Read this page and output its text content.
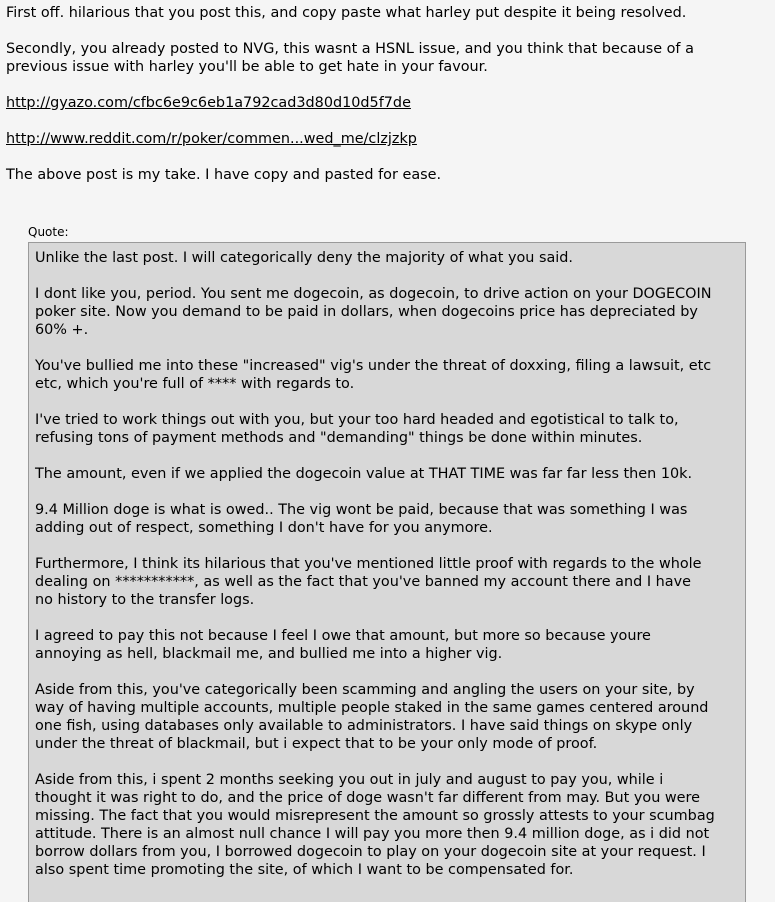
First off. hilarious that you post this, and copy paste what harley put despite it being resolved.

Secondly, you already posted to NVG, this wasnt a HSNL issue, and you think that because of a
previous issue with harley you'll be able to get hate in your favour.

http://gyazo.com/cfbc6e9c6eb1a792cad3d80d10d5f7de

http://www.reddit.com/r/poker/commen...wed_me/clzjzkp

The above post is my take. I have copy and pasted for ease.

Quote:

Unlike the last post. I will categorically deny the majority of what you said.

I dont like you, period. You sent me dogecoin, as dogecoin, to drive action on your DOGECOIN
poker site. Now you demand to be paid in dollars, when dogecoins price has depreciated by
60% +.

You've bullied me into these "increased" vig's under the threat of doxxing, filing a lawsuit, etc
etc, which you're full of **** with regards to.

I've tried to work things out with you, but your too hard headed and egotistical to talk to,
refusing tons of payment methods and "demanding" things be done within minutes.

The amount, even if we applied the dogecoin value at THAT TIME was far far less then 10k.

9.4 Million doge is what is owed.. The vig wont be paid, because that was something I was
adding out of respect, something I don't have for you anymore.

Furthermore, I think its hilarious that you've mentioned little proof with regards to the whole
dealing on ***********, as well as the fact that you've banned my account there and I have
no history to the transfer logs.

I agreed to pay this not because I feel I owe that amount, but more so because youre
annoying as hell, blackmail me, and bullied me into a higher vig.

Aside from this, you've categorically been scamming and angling the users on your site, by
way of having multiple accounts, multiple people staked in the same games centered around
one fish, using databases only available to administrators. I have said things on skype only
under the threat of blackmail, but i expect that to be your only mode of proof.

Aside from this, i spent 2 months seeking you out in july and august to pay you, while i
thought it was right to do, and the price of doge wasn't far different from may. But you were
missing. The fact that you would misrepresent the amount so grossly attests to your scumbag
attitude. There is an almost null chance I will pay you more then 9.4 million doge, as i did not
borrow dollars from you, I borrowed dogecoin to play on your dogecoin site at your request. I
also spent time promoting the site, of which I want to be compensated for.
